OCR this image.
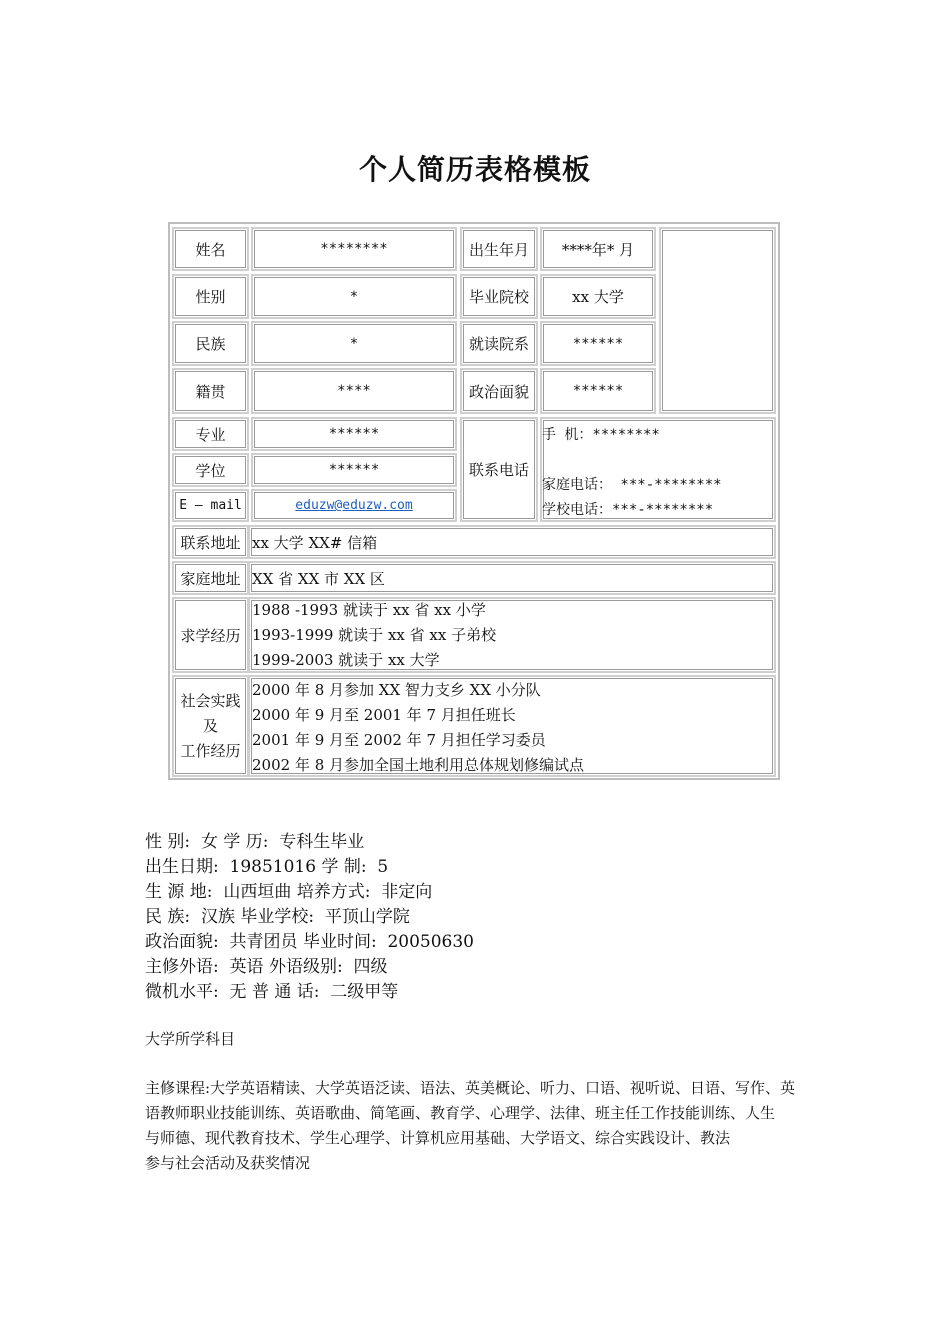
个人简历表格模板
姓名	********	出生年月	****年* 月
性别	*	毕业院校	xx 大学
民族	*	就读院系	******
籍贯	****	政治面貌	******
专业	******
学位	******
E — mail	eduzw@eduzw.com
联系电话
手 机：********
家庭电话： ***-********
学校电话：***-********
联系地址 xx 大学 XX# 信箱
家庭地址 XX 省 XX 市 XX 区
求学经历
1988 -1993 就读于 xx 省 xx 小学
1993-1999 就读于 xx 省 xx 子弟校
1999-2003 就读于 xx 大学
社会实践
及
工作经历
2000 年 8 月参加 XX 智力支乡 XX 小分队
2000 年 9 月至 2001 年 7 月担任班长
2001 年 9 月至 2002 年 7 月担任学习委员
2002 年 8 月参加全国土地利用总体规划修编试点
性 别:  女 学 历:  专科生毕业
出生日期:  19851016 学 制:  5
生 源 地:  山西垣曲 培养方式:  非定向
民 族:  汉族 毕业学校:  平顶山学院
政治面貌:  共青团员 毕业时间:  20050630
主修外语:  英语 外语级别:  四级
微机水平:  无 普 通 话:  二级甲等
大学所学科目
主修课程:大学英语精读、大学英语泛读、语法、英美概论、听力、口语、视听说、日语、写作、英
语教师职业技能训练、英语歌曲、简笔画、教育学、心理学、法律、班主任工作技能训练、人生
与师德、现代教育技术、学生心理学、计算机应用基础、大学语文、综合实践设计、教法
参与社会活动及获奖情况
